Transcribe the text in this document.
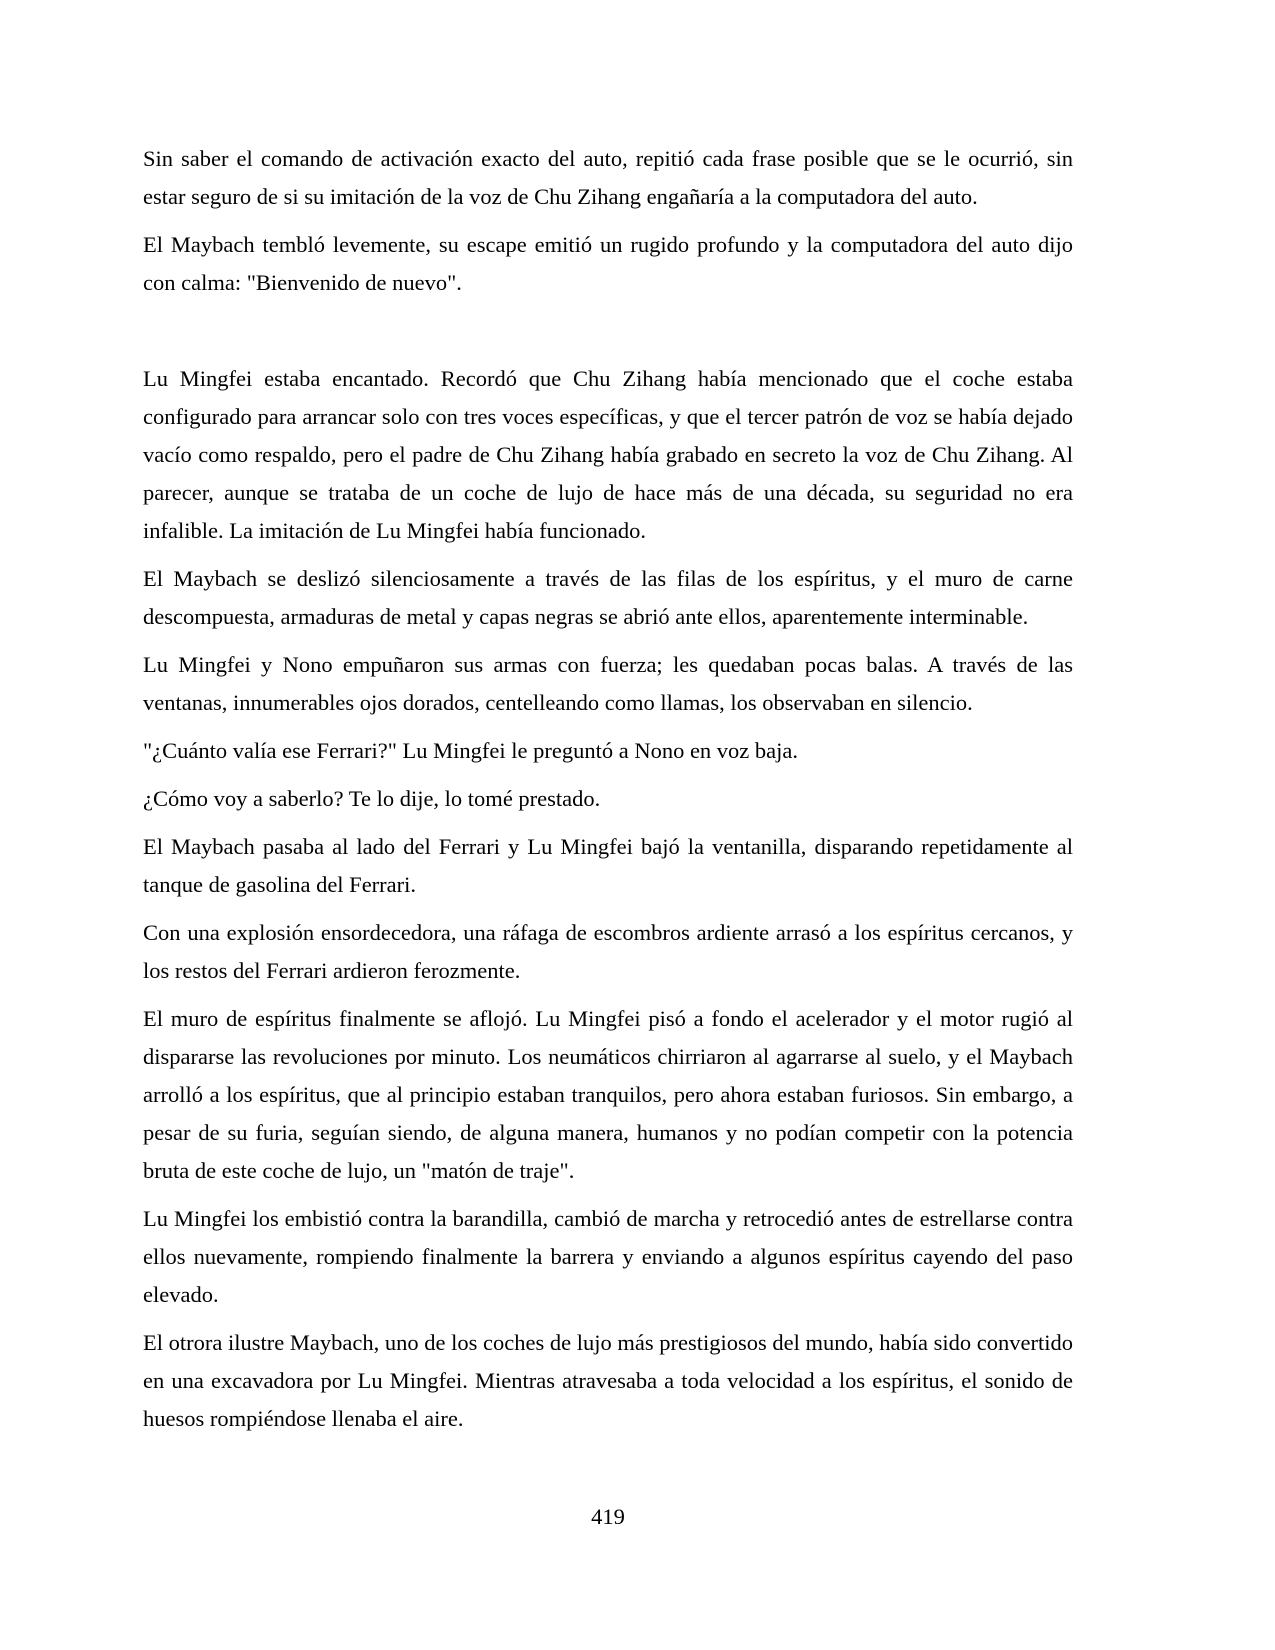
Sin saber el comando de activación exacto del auto, repitió cada frase posible que se le ocurrió, sin estar seguro de si su imitación de la voz de Chu Zihang engañaría a la computadora del auto.

El Maybach tembló levemente, su escape emitió un rugido profundo y la computadora del auto dijo con calma: "Bienvenido de nuevo".

Lu Mingfei estaba encantado. Recordó que Chu Zihang había mencionado que el coche estaba configurado para arrancar solo con tres voces específicas, y que el tercer patrón de voz se había dejado vacío como respaldo, pero el padre de Chu Zihang había grabado en secreto la voz de Chu Zihang. Al parecer, aunque se trataba de un coche de lujo de hace más de una década, su seguridad no era infalible. La imitación de Lu Mingfei había funcionado.

El Maybach se deslizó silenciosamente a través de las filas de los espíritus, y el muro de carne descompuesta, armaduras de metal y capas negras se abrió ante ellos, aparentemente interminable.

Lu Mingfei y Nono empuñaron sus armas con fuerza; les quedaban pocas balas. A través de las ventanas, innumerables ojos dorados, centelleando como llamas, los observaban en silencio.

"¿Cuánto valía ese Ferrari?" Lu Mingfei le preguntó a Nono en voz baja.

¿Cómo voy a saberlo? Te lo dije, lo tomé prestado.

El Maybach pasaba al lado del Ferrari y Lu Mingfei bajó la ventanilla, disparando repetidamente al tanque de gasolina del Ferrari.

Con una explosión ensordecedora, una ráfaga de escombros ardiente arrasó a los espíritus cercanos, y los restos del Ferrari ardieron ferozmente.

El muro de espíritus finalmente se aflojó. Lu Mingfei pisó a fondo el acelerador y el motor rugió al dispararse las revoluciones por minuto. Los neumáticos chirriaron al agarrarse al suelo, y el Maybach arrolló a los espíritus, que al principio estaban tranquilos, pero ahora estaban furiosos. Sin embargo, a pesar de su furia, seguían siendo, de alguna manera, humanos y no podían competir con la potencia bruta de este coche de lujo, un "matón de traje".

Lu Mingfei los embistió contra la barandilla, cambió de marcha y retrocedió antes de estrellarse contra ellos nuevamente, rompiendo finalmente la barrera y enviando a algunos espíritus cayendo del paso elevado.

El otrora ilustre Maybach, uno de los coches de lujo más prestigiosos del mundo, había sido convertido en una excavadora por Lu Mingfei. Mientras atravesaba a toda velocidad a los espíritus, el sonido de huesos rompiéndose llenaba el aire.

419
